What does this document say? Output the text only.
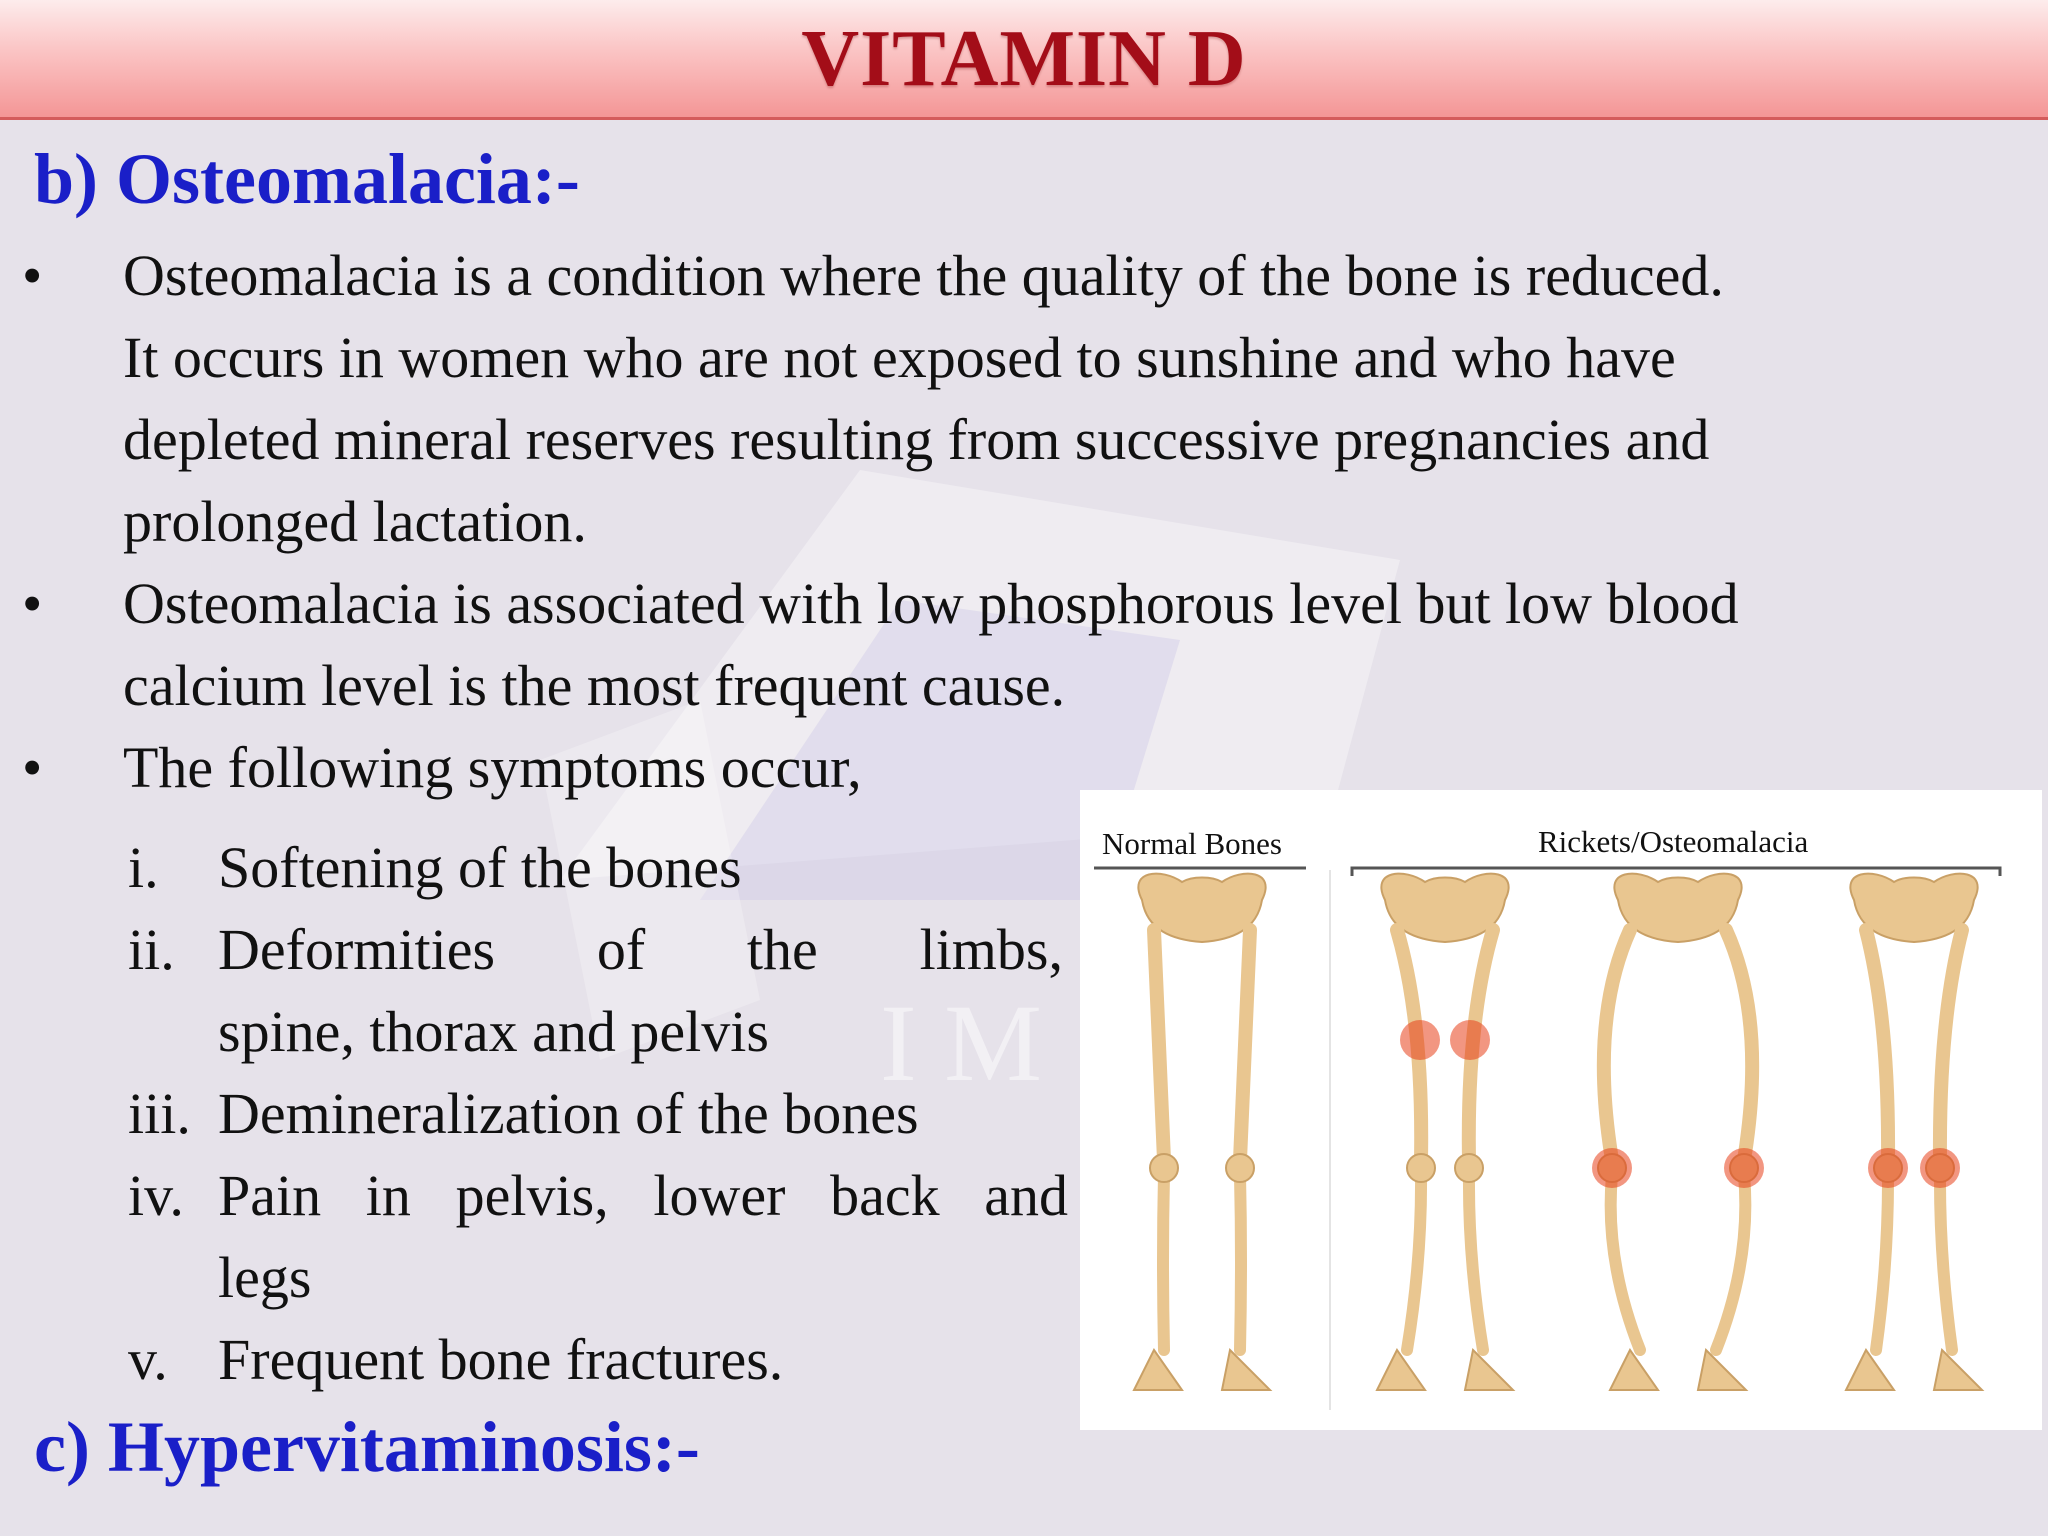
I M
VITAMIN D
b) Osteomalacia:-
• Osteomalacia is a condition where the quality of the bone is reduced.
It occurs in women who are not exposed to sunshine and who have
depleted mineral reserves resulting from successive pregnancies and
prolonged lactation.
• Osteomalacia is associated with low phosphorous level but low blood
calcium level is the most frequent cause.
• The following symptoms occur,
i. Softening of the bones
ii. Deformities of the limbs,
spine, thorax and pelvis
iii. Demineralization of the bones
iv. Pain in pelvis, lower back and
legs
v. Frequent bone fractures.
c) Hypervitaminosis:-
Normal Bones	Rickets/Osteomalacia
